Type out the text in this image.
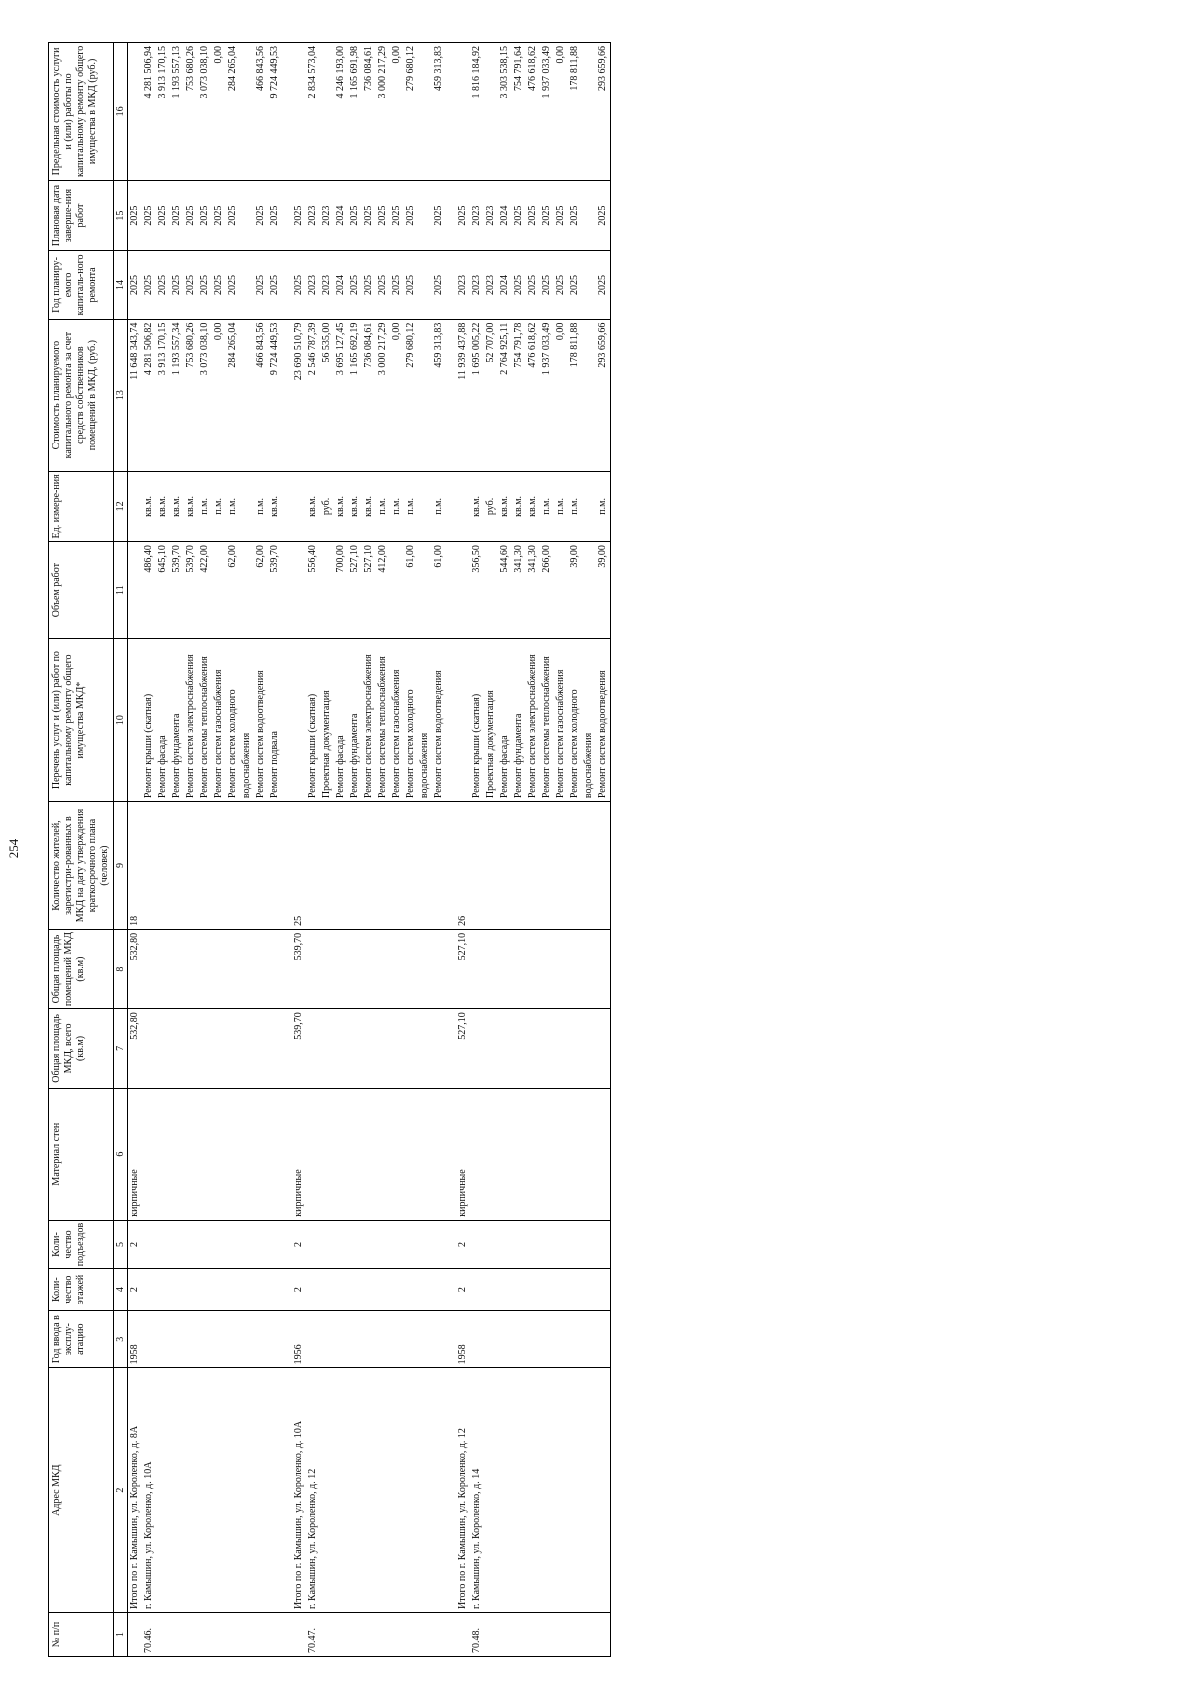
254
№ п/п	Адрес МКД	Год ввода в эксплу-атацию	Коли-чество этажей	Коли-чество подъездов	Материал стен	Общая площадь МКД, всего (кв.м)	Общая площадь помещений МКД (кв.м)	Количество жителей, зарегистри-рованных в МКД на дату утверждения краткосрочного плана (человек)	Перечень услуг и (или) работ по капитальному ремонту общего имущества МКД*	Объем работ	Ед. измере-ния	Стоимость планируемого капитального ремонта за счет средств собственников помещений в МКД, (руб.)	Год планиру-емого капиталь-ного ремонта	Плановая дата заверше-ния работ	Предельная стоимость услуги и (или) работы по капитальному ремонту общего имущества в МКД (руб.)
1	2	3	4	5	6	7	8	9	10	11	12	13	14	15	16
	Итого по г. Камышин, ул. Короленко, д. 8А	1958	2	2	кирпичные	532,80	532,80	18				11 648 343,74	2025	2025	
70.46.	г. Камышин, ул. Короленко, д. 10А								Ремонт крыши (скатная)	486,40	кв.м.	4 281 506,82	2025	2025	4 281 506,94
									Ремонт фасада	645,10	кв.м.	3 913 170,15	2025	2025	3 913 170,15
									Ремонт фундамента	539,70	кв.м.	1 193 557,34	2025	2025	1 193 557,13
									Ремонт систем электроснабжения	539,70	кв.м.	753 680,26	2025	2025	753 680,26
									Ремонт системы теплоснабжения	422,00	п.м.	3 073 038,10	2025	2025	3 073 038,10
									Ремонт систем газоснабжения		п.м.	0,00	2025	2025	0,00
									Ремонт систем холодного водоснабжения	62,00	п.м.	284 265,04	2025	2025	284 265,04
									Ремонт систем водоотведения	62,00	п.м.	466 843,56	2025	2025	466 843,56
									Ремонт подвала	539,70	кв.м.	9 724 449,53	2025	2025	9 724 449,53

	Итого по г. Камышин, ул. Короленко, д. 10А	1956	2	2	кирпичные	539,70	539,70	25				23 690 510,79	2025	2025	
70.47.	г. Камышин, ул. Короленко, д. 12								Ремонт крыши (скатная)	556,40	кв.м.	2 546 787,39	2023	2023	2 834 573,04
									Проектная документация		руб.	56 535,00	2023	2023	
									Ремонт фасада	700,00	кв.м.	3 695 127,45	2024	2024	4 246 193,00
									Ремонт фундамента	527,10	кв.м.	1 165 692,19	2025	2025	1 165 691,98
									Ремонт систем электроснабжения	527,10	кв.м.	736 084,61	2025	2025	736 084,61
									Ремонт системы теплоснабжения	412,00	п.м.	3 000 217,29	2025	2025	3 000 217,29
									Ремонт систем газоснабжения		п.м.	0,00	2025	2025	0,00
									Ремонт систем холодного водоснабжения	61,00	п.м.	279 680,12	2025	2025	279 680,12
									Ремонт систем водоотведения	61,00	п.м.	459 313,83	2025	2025	459 313,83

	Итого по г. Камышин, ул. Короленко, д. 12	1958	2	2	кирпичные	527,10	527,10	26				11 939 437,88	2023	2025	
70.48.	г. Камышин, ул. Короленко, д. 14								Ремонт крыши (скатная)	356,50	кв.м.	1 695 005,22	2023	2023	1 816 184,92
									Проектная документация		руб.	52 707,00	2023	2023	
									Ремонт фасада	544,60	кв.м.	2 764 925,11	2024	2024	3 303 538,15
									Ремонт фундамента	341,30	кв.м.	754 791,78	2025	2025	754 791,64
									Ремонт систем электроснабжения	341,30	кв.м.	476 618,62	2025	2025	476 618,62
									Ремонт системы теплоснабжения	266,00	п.м.	1 937 033,49	2025	2025	1 937 033,49
									Ремонт систем газоснабжения		п.м.	0,00	2025	2025	0,00
									Ремонт систем холодного водоснабжения	39,00	п.м.	178 811,88	2025	2025	178 811,88
									Ремонт систем водоотведения	39,00	п.м.	293 659,66	2025	2025	293 659,66
